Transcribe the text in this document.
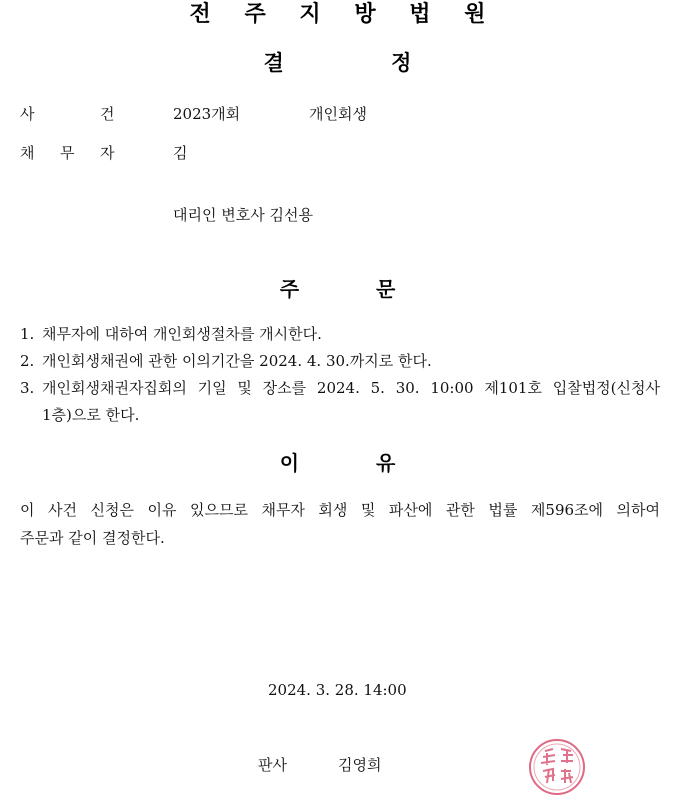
전 주 지 방 법 원
결	정
사	건	2023개회	개인회생
채 무 자	김
대리인 변호사 김선용
주	문
1. 채무자에 대하여 개인회생절차를 개시한다.
2. 개인회생채권에 관한 이의기간을 2024. 4. 30.까지로 한다.
3. 개인회생채권자집회의 기일 및 장소를 2024. 5. 30. 10:00 제101호 입찰법정(신청사
1층)으로 한다.
이	유
이 사건 신청은 이유 있으므로 채무자 회생 및 파산에 관한 법률 제596조에 의하여
주문과 같이 결정한다.
2024. 3. 28. 14:00
판사	김영희
